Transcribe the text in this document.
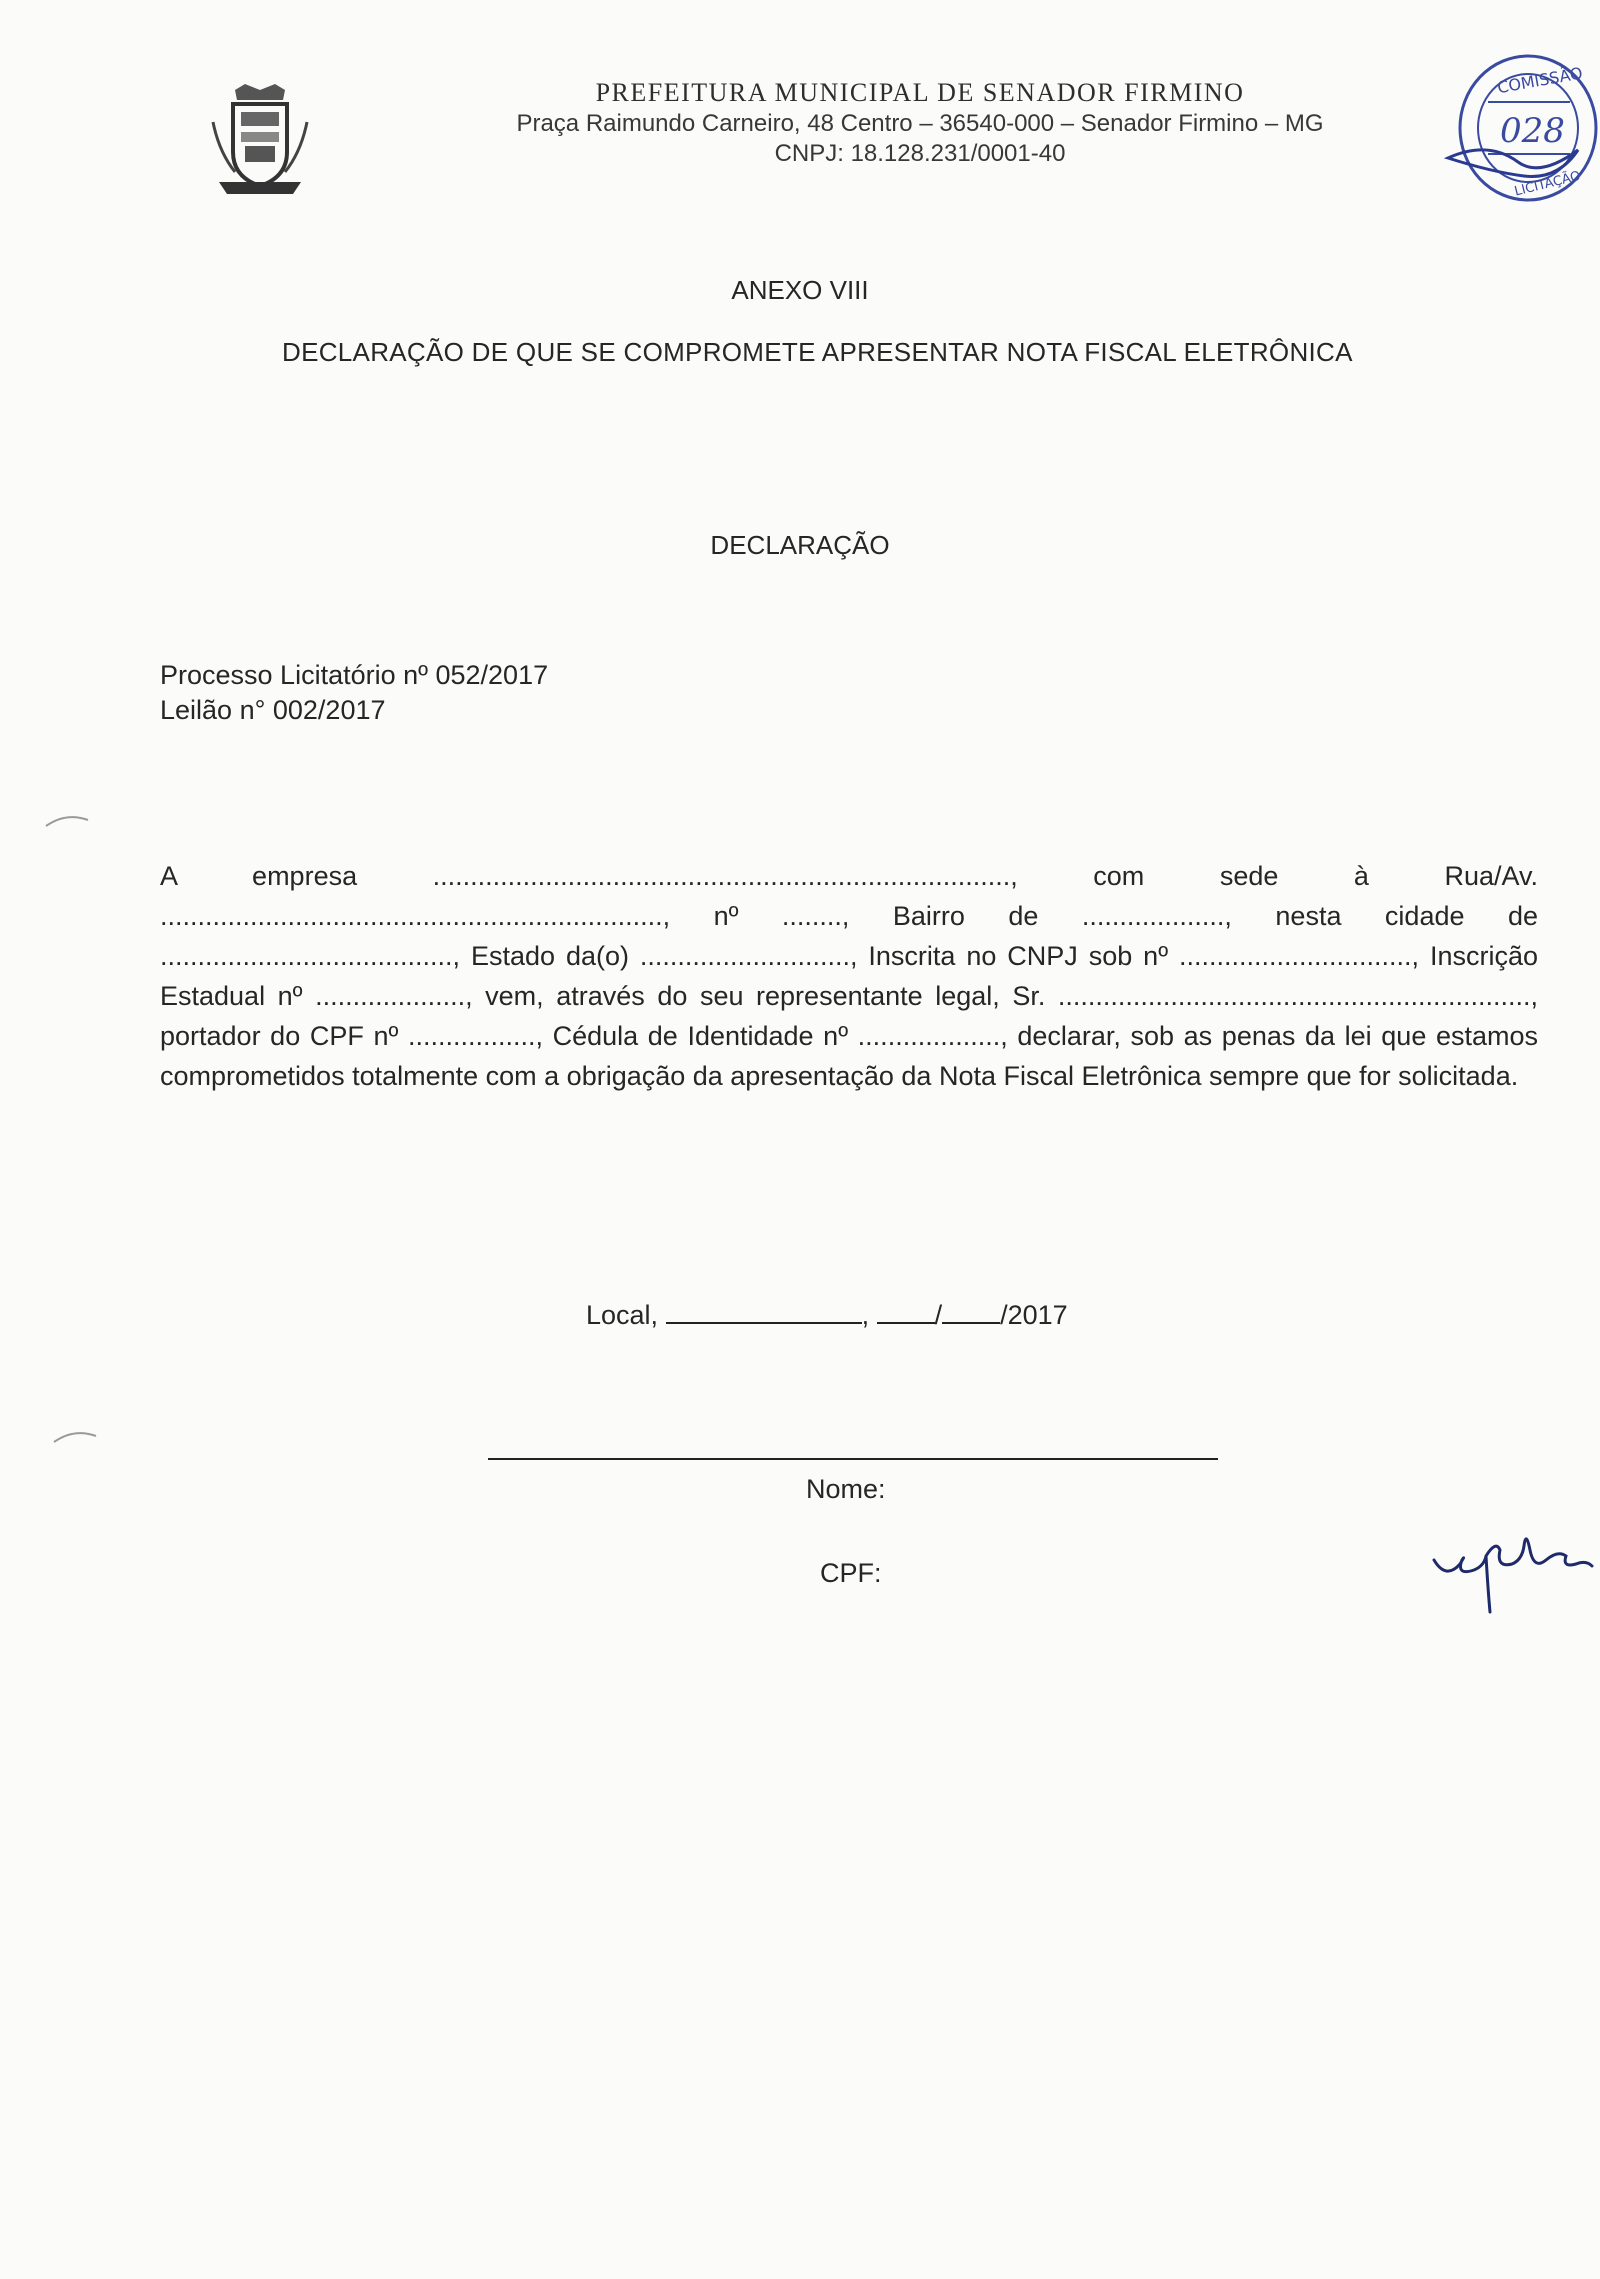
PREFEITURA MUNICIPAL DE SENADOR FIRMINO
Praça Raimundo Carneiro, 48 Centro – 36540-000 – Senador Firmino – MG
CNPJ: 18.128.231/0001-40
COMISSÃO
028
LICITAÇÃO
ANEXO VIII
DECLARAÇÃO DE QUE SE COMPROMETE APRESENTAR NOTA FISCAL ELETRÔNICA
DECLARAÇÃO
Processo Licitatório nº 052/2017
Leilão n° 002/2017
A empresa ............................................................................., com sede à Rua/Av. ..................................................................., nº ........, Bairro de ..................., nesta cidade de ......................................., Estado da(o) ............................, Inscrita no CNPJ sob nº ..............................., Inscrição Estadual nº ...................., vem, através do seu representante legal, Sr. ..............................................................., portador do CPF nº ................., Cédula de Identidade nº ..................., declarar, sob as penas da lei que estamos comprometidos totalmente com a obrigação da apresentação da Nota Fiscal Eletrônica sempre que for solicitada.
Local,	, / /2017
Nome:
CPF:
